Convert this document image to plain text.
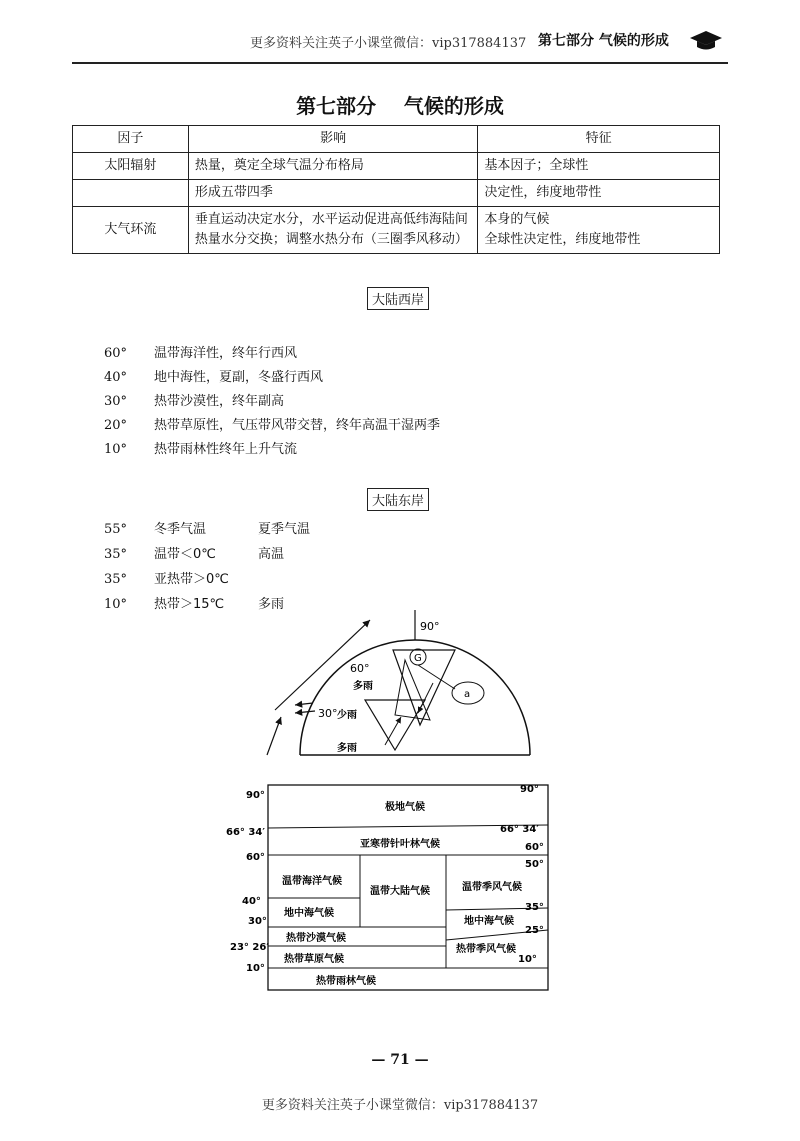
更多资料关注英子小课堂微信：vip317884137 第七部分 气候的形成
第七部分    气候的形成
因子	影响	特征
太阳辐射	热量，奠定全球气温分布格局	基本因子；全球性
	形成五带四季	决定性，纬度地带性
大气环流	垂直运动决定水分，水平运动促进高低纬海陆间热量水分交换；调整水热分布（三圈季风移动）	本身的气候
全球性决定性，纬度地带性
大陆西岸
60° 温带海洋性，终年行西风
40° 地中海性，夏副，冬盛行西风
30° 热带沙漠性，终年副高
20° 热带草原性，气压带风带交替，终年高温干湿两季
10° 热带雨林性终年上升气流
大陆东岸
55° 冬季气温	夏季气温
35° 温带＜0℃	高温
35° 亚热带＞0℃
10° 热带＞15℃	多雨
90°
60°
30°
多雨
少雨
多雨
G
a
90°
66° 34′
60°
40°
30°
23° 26′
10°
90°
66° 34′
60°
50°
35°
25°
10°
极地气候
亚寒带针叶林气候
温带海洋气候
温带大陆气候	温带季风气候
地中海气候
地中海气候
热带沙漠气候
热带草原气候
热带季风气候
热带雨林气候
— 71 —
更多资料关注英子小课堂微信：vip317884137
